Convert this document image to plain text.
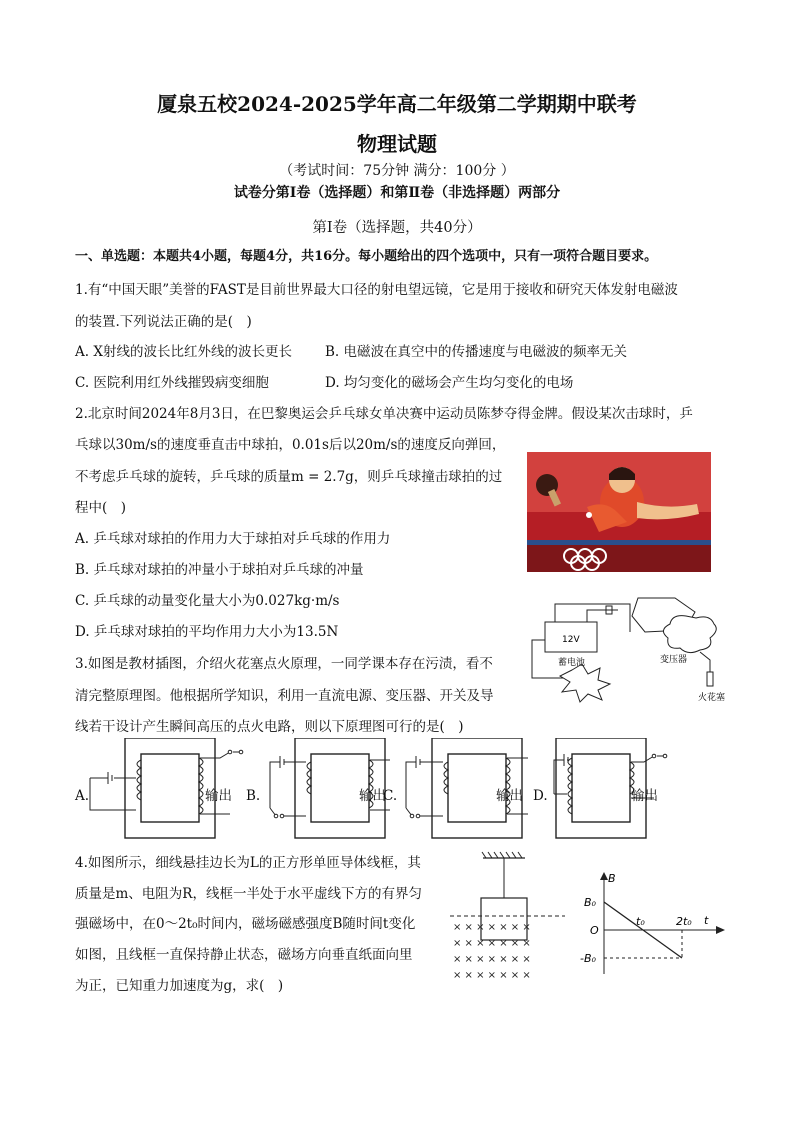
厦泉五校2024-2025学年高二年级第二学期期中联考
物理试题
（考试时间：75分钟 满分：100分 ）
试卷分第Ⅰ卷（选择题）和第Ⅱ卷（非选择题）两部分
第Ⅰ卷（选择题，共40分）
一、单选题：本题共4小题，每题4分，共16分。每小题给出的四个选项中，只有一项符合题目要求。
1.有“中国天眼”美誉的FAST是目前世界最大口径的射电望远镜，它是用于接收和研究天体发射电磁波
的装置.下列说法正确的是(　)
A. X射线的波长比红外线的波长更长 B. 电磁波在真空中的传播速度与电磁波的频率无关
C. 医院利用红外线摧毁病变细胞	D. 均匀变化的磁场会产生均匀变化的电场
2.北京时间2024年8月3日，在巴黎奥运会乒乓球女单决赛中运动员陈梦夺得金牌。假设某次击球时，乒
乓球以30m/s的速度垂直击中球拍，0.01s后以20m/s的速度反向弹回，
不考虑乒乓球的旋转，乒乓球的质量m = 2.7g，则乒乓球撞击球拍的过
程中(　)
A. 乒乓球对球拍的作用力大于球拍对乒乓球的作用力
B. 乒乓球对球拍的冲量小于球拍对乒乓球的冲量
C. 乒乓球的动量变化量大小为0.027kg·m/s
D. 乒乓球对球拍的平均作用力大小为13.5N	12V
蓄电池	变压器
火花塞
3.如图是教材插图，介绍火花塞点火原理，一同学课本存在污渍，看不
清完整原理图。他根据所学知识，利用一直流电源、变压器、开关及导
线若干设计产生瞬间高压的点火电路，则以下原理图可行的是(　)
A.	B.	C.	D.
输出	输出	输出	输出
4.如图所示，细线悬挂边长为L的正方形单匝导体线框，其
质量是m、电阻为R，线框一半处于水平虚线下方的有界匀
强磁场中，在0～2t₀时间内，磁场磁感强度B随时间t变化
如图，且线框一直保持静止状态，磁场方向垂直纸面向里
为正，已知重力加速度为g，求(　)
× × × × × × ×
× × × × × × ×
× × × × × × ×
× × × × × × ×
B
t
O
B₀
-B₀
t₀	2t₀
